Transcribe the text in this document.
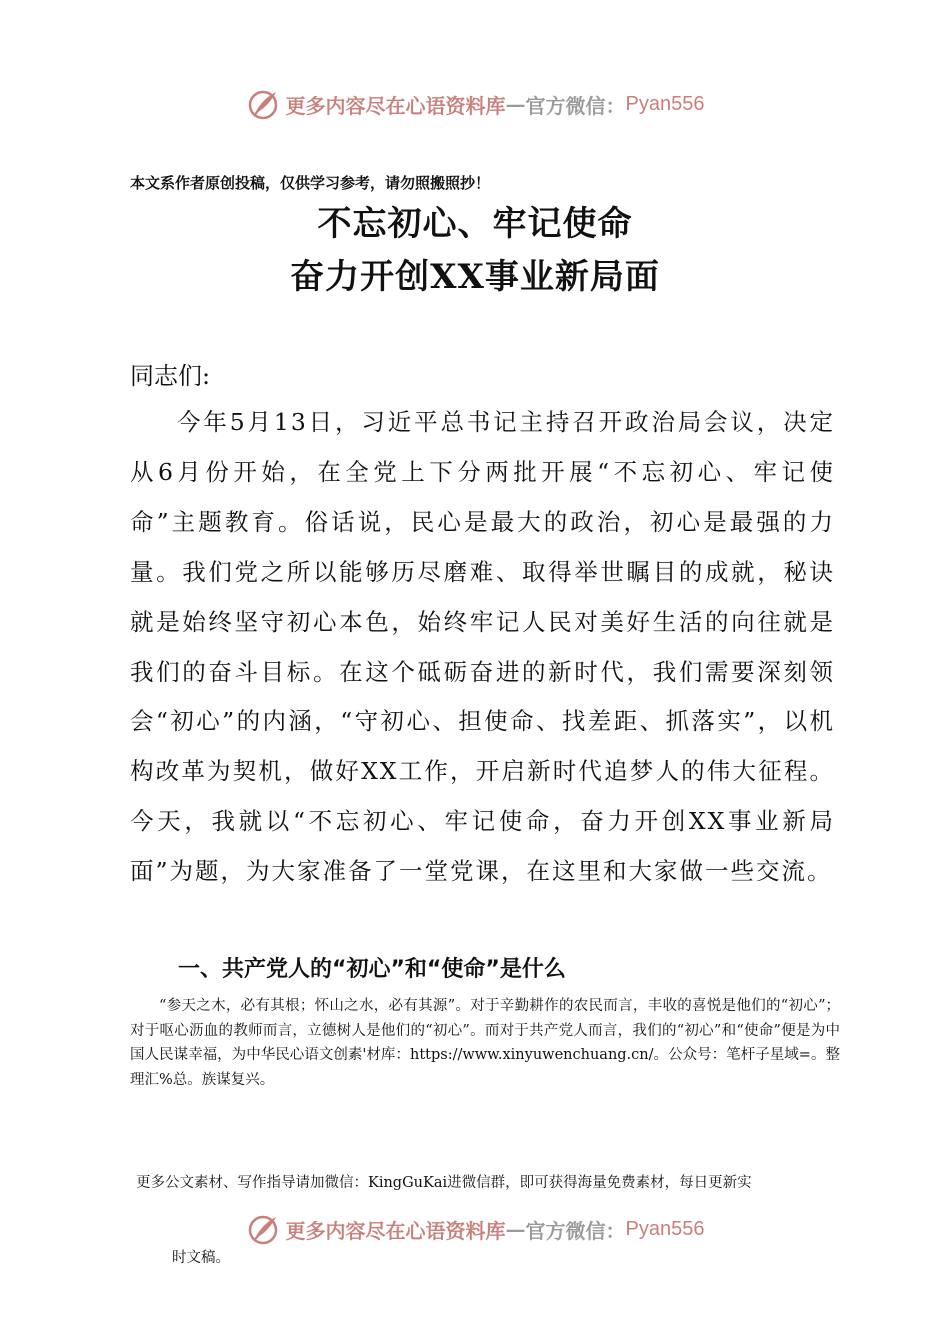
更多内容尽在心语资料库 — 官方微信： Pyan556

本文系作者原创投稿，仅供学习参考，请勿照搬照抄！

不忘初心、牢记使命
奋力开创XX事业新局面

同志们:

今年5月13日，习近平总书记主持召开政治局会议，决定从6月份开始，在全党上下分两批开展“不忘初心、牢记使命”主题教育。俗话说，民心是最大的政治，初心是最强的力量。我们党之所以能够历尽磨难、取得举世瞩目的成就，秘诀就是始终坚守初心本色，始终牢记人民对美好生活的向往就是我们的奋斗目标。在这个砥砺奋进的新时代，我们需要深刻领会“初心”的内涵，“守初心、担使命、找差距、抓落实”，以机构改革为契机，做好XX工作，开启新时代追梦人的伟大征程。今天，我就以“不忘初心、牢记使命，奋力开创XX事业新局面”为题，为大家准备了一堂党课，在这里和大家做一些交流。

一、共产党人的“初心”和“使命”是什么

“参天之木，必有其根；怀山之水，必有其源”。对于辛勤耕作的农民而言，丰收的喜悦是他们的“初心”；对于呕心沥血的教师而言，立德树人是他们的“初心”。而对于共产党人而言，我们的“初心”和“使命”便是为中国人民谋幸福，为中华民心语文创素'材库：https://www.xinyuwenchuang.cn/。公众号：笔杆子星域=。整理汇%总。族谋复兴。

更多公文素材、写作指导请加微信：KingGuKai进微信群，即可获得海量免费素材，每日更新实

更多内容尽在心语资料库 — 官方微信： Pyan556

时文稿。
